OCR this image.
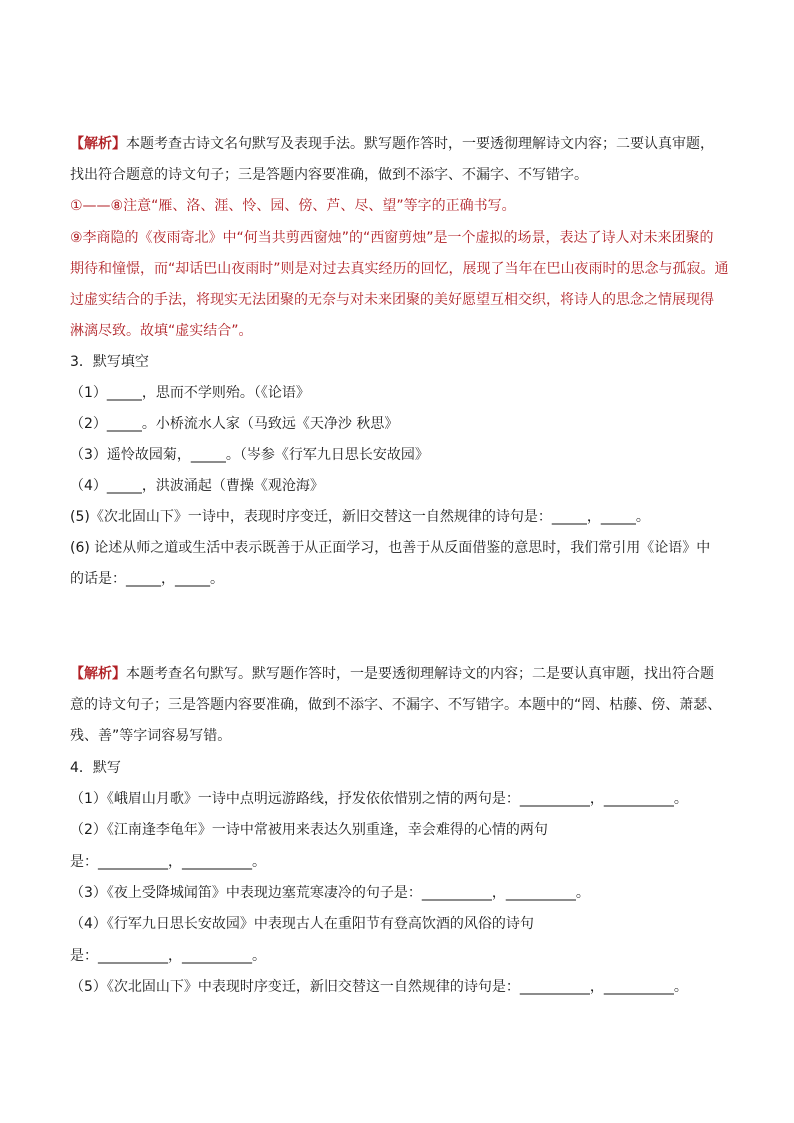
【解析】本题考查古诗文名句默写及表现手法。默写题作答时，一要透彻理解诗文内容；二要认真审题，
找出符合题意的诗文句子；三是答题内容要准确，做到不添字、不漏字、不写错字。
①——⑧注意“雁、洛、涯、怜、园、傍、芦、尽、望”等字的正确书写。
⑨李商隐的《夜雨寄北》中“何当共剪西窗烛”的“西窗剪烛”是一个虚拟的场景，表达了诗人对未来团聚的
期待和憧憬，而“却话巴山夜雨时”则是对过去真实经历的回忆，展现了当年在巴山夜雨时的思念与孤寂。通
过虚实结合的手法，将现实无法团聚的无奈与对未来团聚的美好愿望互相交织，将诗人的思念之情展现得
淋漓尽致。故填“虚实结合”。
3．默写填空
（1）_____，思而不学则殆。（《论语》
（2）_____。小桥流水人家（马致远《天净沙 秋思》
（3）遥怜故园菊，_____。（岑参《行军九日思长安故园》
（4）_____，洪波涌起（曹操《观沧海》
(5)《次北固山下》一诗中，表现时序变迁，新旧交替这一自然规律的诗句是：_____，_____。
(6) 论述从师之道或生活中表示既善于从正面学习，也善于从反面借鉴的意思时，我们常引用《论语》中
的话是：_____，_____。
【解析】本题考查名句默写。默写题作答时，一是要透彻理解诗文的内容；二是要认真审题，找出符合题
意的诗文句子；三是答题内容要准确，做到不添字、不漏字、不写错字。本题中的“罔、枯藤、傍、萧瑟、
残、善”等字词容易写错。
4．默写
（1）《峨眉山月歌》一诗中点明远游路线，抒发依依惜别之情的两句是：__________，__________。
（2）《江南逢李龟年》一诗中常被用来表达久别重逢，幸会难得的心情的两句
是：__________，__________。
（3）《夜上受降城闻笛》中表现边塞荒寒凄冷的句子是：__________，__________。
（4）《行军九日思长安故园》中表现古人在重阳节有登高饮酒的风俗的诗句
是：__________，__________。
（5）《次北固山下》中表现时序变迁，新旧交替这一自然规律的诗句是：__________，__________。
